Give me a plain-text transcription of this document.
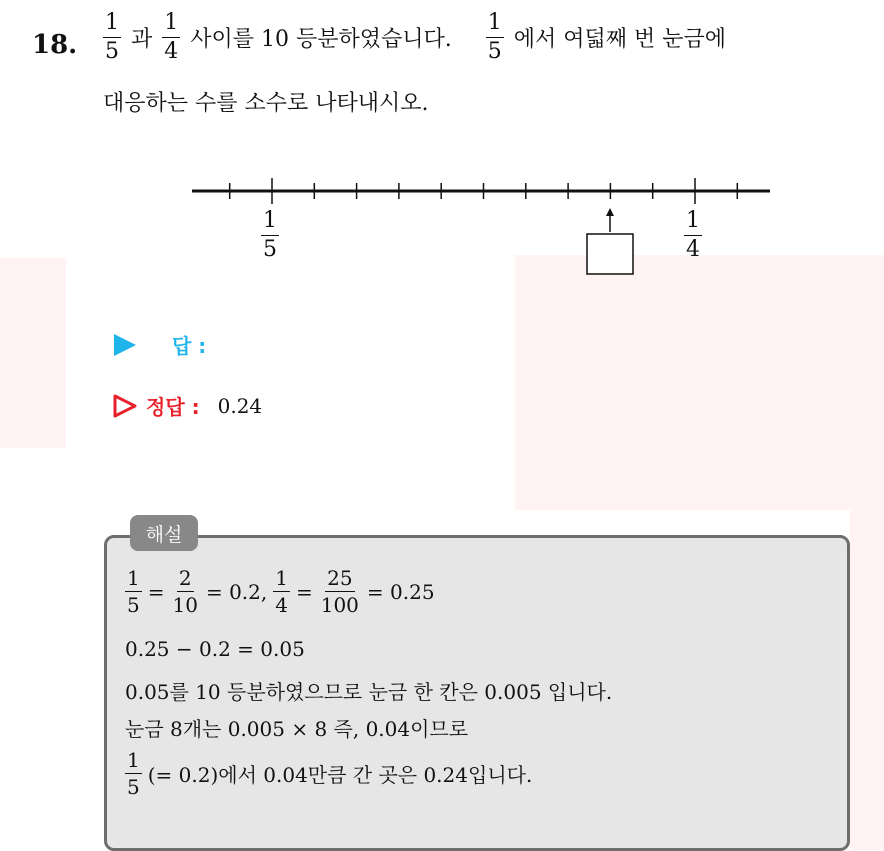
18. $\frac{1}{5}$ 과 $\frac{1}{4}$ 사이를 10 등분하였습니다. $\frac{1}{5}$ 에서 여덟째 번 눈금에
대응하는 수를 소수로 나타내시오.
$\frac{1}{5}$	$\frac{1}{4}$
답 :
정답 : 0.24
해설
$\frac{1}{5} = \frac{2}{10} = 0.2$, $\frac{1}{4} = \frac{25}{100} = 0.25$
0.25 − 0.2 = 0.05
0.05를 10 등분하였으므로 눈금 한 칸은 0.005 입니다.
눈금 8개는 0.005 × 8 즉, 0.04이므로
$\frac{1}{5}$ (= 0.2)에서 0.04만큼 간 곳은 0.24입니다.
